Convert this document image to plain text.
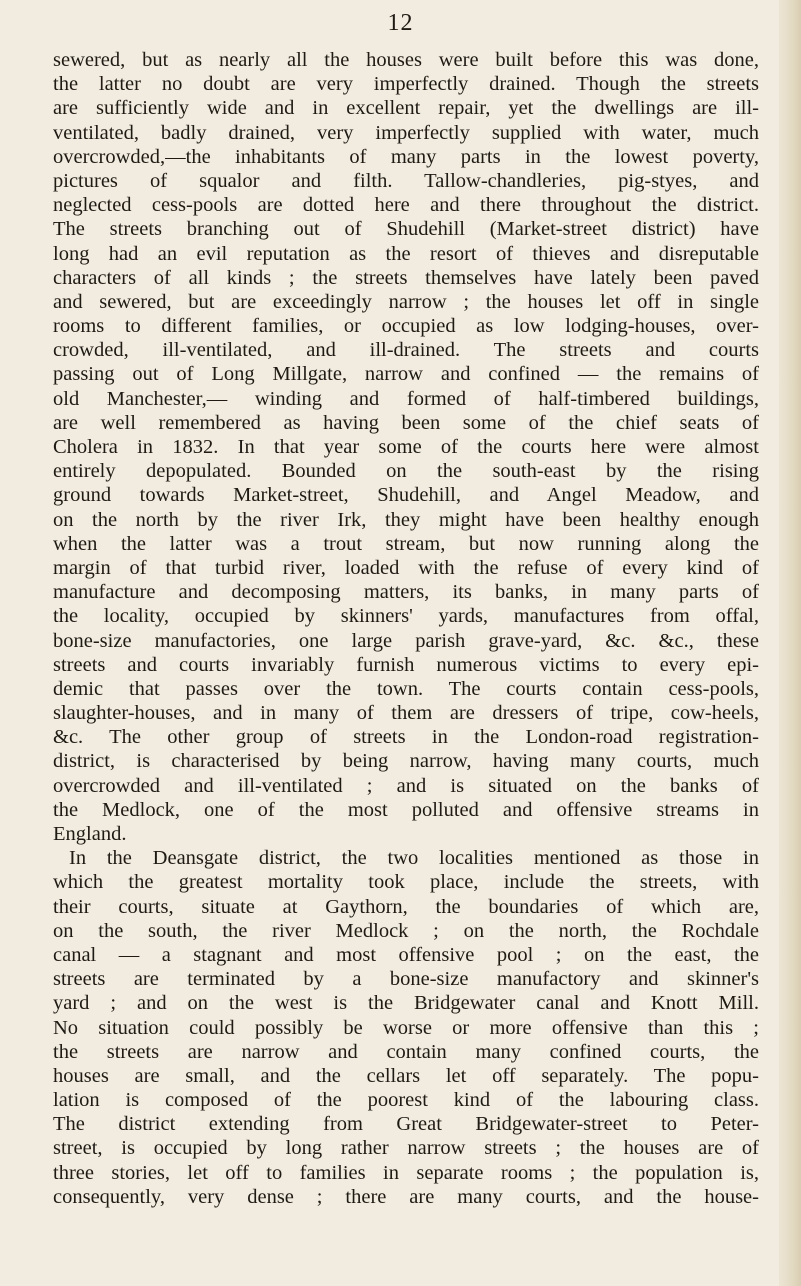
12
sewered, but as nearly all the houses were built before this was done,
the latter no doubt are very imperfectly drained. Though the streets
are sufficiently wide and in excellent repair, yet the dwellings are ill-
ventilated, badly drained, very imperfectly supplied with water, much
overcrowded,—the inhabitants of many parts in the lowest poverty,
pictures of squalor and filth. Tallow-chandleries, pig-styes, and
neglected cess-pools are dotted here and there throughout the district.
The streets branching out of Shudehill (Market-street district) have
long had an evil reputation as the resort of thieves and disreputable
characters of all kinds ; the streets themselves have lately been paved
and sewered, but are exceedingly narrow ; the houses let off in single
rooms to different families, or occupied as low lodging-houses, over-
crowded, ill-ventilated, and ill-drained. The streets and courts
passing out of Long Millgate, narrow and confined — the remains of
old Manchester,— winding and formed of half-timbered buildings,
are well remembered as having been some of the chief seats of
Cholera in 1832. In that year some of the courts here were almost
entirely depopulated. Bounded on the south-east by the rising
ground towards Market-street, Shudehill, and Angel Meadow, and
on the north by the river Irk, they might have been healthy enough
when the latter was a trout stream, but now running along the
margin of that turbid river, loaded with the refuse of every kind of
manufacture and decomposing matters, its banks, in many parts of
the locality, occupied by skinners' yards, manufactures from offal,
bone-size manufactories, one large parish grave-yard, &c. &c., these
streets and courts invariably furnish numerous victims to every epi-
demic that passes over the town. The courts contain cess-pools,
slaughter-houses, and in many of them are dressers of tripe, cow-heels,
&c. The other group of streets in the London-road registration-
district, is characterised by being narrow, having many courts, much
overcrowded and ill-ventilated ; and is situated on the banks of
the Medlock, one of the most polluted and offensive streams in
England.
In the Deansgate district, the two localities mentioned as those in
which the greatest mortality took place, include the streets, with
their courts, situate at Gaythorn, the boundaries of which are,
on the south, the river Medlock ; on the north, the Rochdale
canal — a stagnant and most offensive pool ; on the east, the
streets are terminated by a bone-size manufactory and skinner's
yard ; and on the west is the Bridgewater canal and Knott Mill.
No situation could possibly be worse or more offensive than this ;
the streets are narrow and contain many confined courts, the
houses are small, and the cellars let off separately. The popu-
lation is composed of the poorest kind of the labouring class.
The district extending from Great Bridgewater-street to Peter-
street, is occupied by long rather narrow streets ; the houses are of
three stories, let off to families in separate rooms ; the population is,
consequently, very dense ; there are many courts, and the house-
